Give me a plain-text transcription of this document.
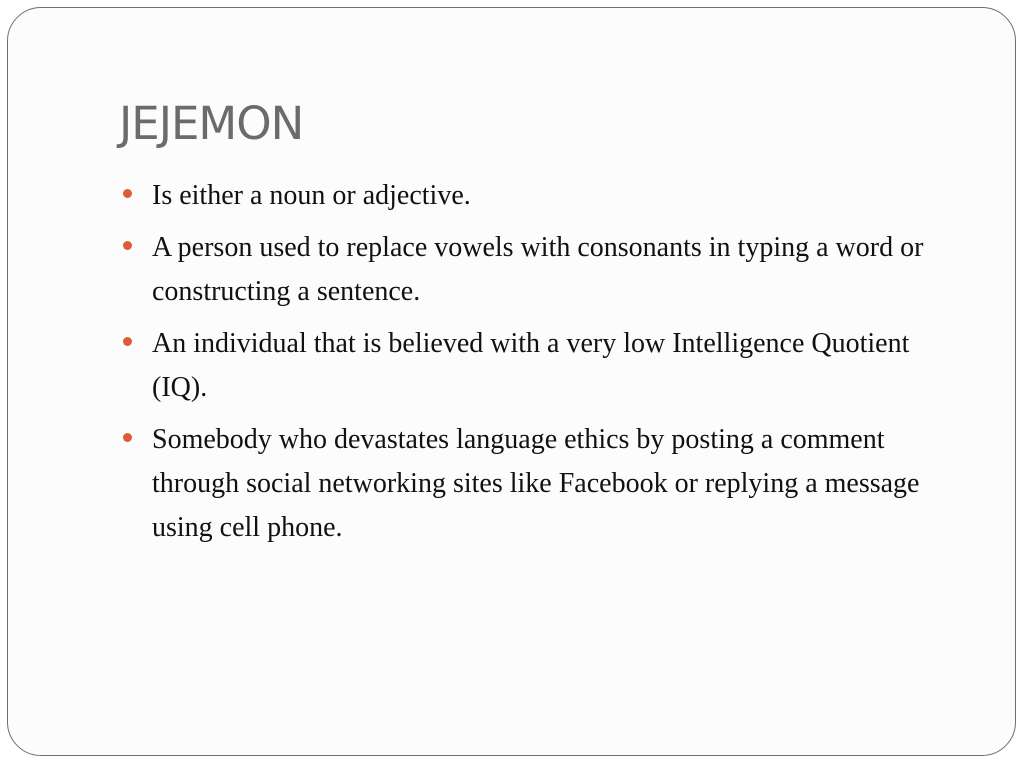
JEJEMON
Is either a noun or adjective.
A person used to replace vowels with consonants in typing a word or constructing a sentence.
An individual that is believed with a very low Intelligence Quotient (IQ).
Somebody who devastates language ethics by posting a comment through social networking sites like Facebook or replying a message using cell phone.
